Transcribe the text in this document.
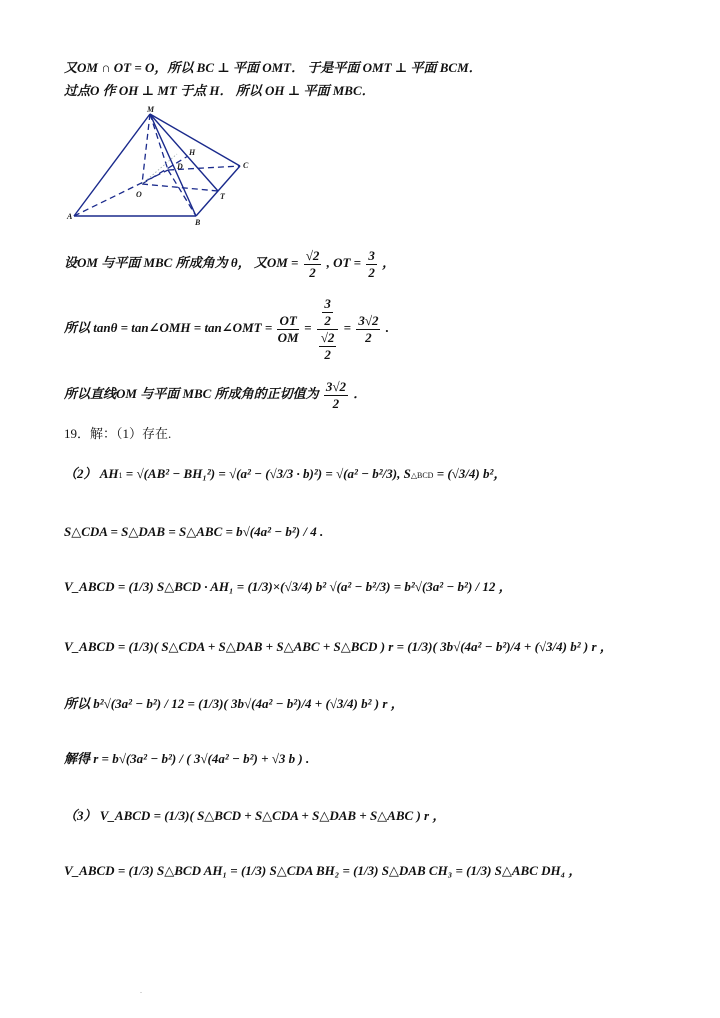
又OM ∩ OT = O，所以 BC ⊥ 平面 OMT． 于是平面 OMT ⊥ 平面 BCM．
过点O 作 OH ⊥ MT 于点 H． 所以 OH ⊥ 平面 MBC．
M
H
D	C
O	T
A
B
设OM 与平面 MBC 所成角为 θ， 又OM = $\frac{√2}{2}$ , OT = $\frac{3}{2}$ ，
所以 tanθ = tan∠OMH = tan∠OMT = $\frac{OT}{OM} = \frac{\frac{3}{2}}{\frac{√2}{2}} = \frac{3√2}{2}$ .
所以直线OM 与平面 MBC 所成角的正切值为 $\frac{3√2}{2}$ ．
19．解：（1）存在.
（2） AH1 = √(AB² − BH₁²) = √(a² − (√3/3 · b)²) = √(a² − b²/3), S△BCD = (√3/4) b²，
S△CDA = S△DAB = S△ABC = b√(4a² − b²) / 4 .
V_ABCD = (1/3) S△BCD · AH₁ = (1/3)×(√3/4) b² √(a² − b²/3) = b²√(3a² − b²) / 12 ，
V_ABCD = (1/3)( S△CDA + S△DAB + S△ABC + S△BCD ) r = (1/3)( 3b√(4a² − b²)/4 + (√3/4) b² ) r ，
所以 b²√(3a² − b²) / 12 = (1/3)( 3b√(4a² − b²)/4 + (√3/4) b² ) r ，
解得 r = b√(3a² − b²) / ( 3√(4a² − b²) + √3 b ) .
（3） V_ABCD = (1/3)( S△BCD + S△CDA + S△DAB + S△ABC ) r ，
V_ABCD = (1/3) S△BCD AH₁ = (1/3) S△CDA BH₂ = (1/3) S△DAB CH₃ = (1/3) S△ABC DH₄ ，
.
